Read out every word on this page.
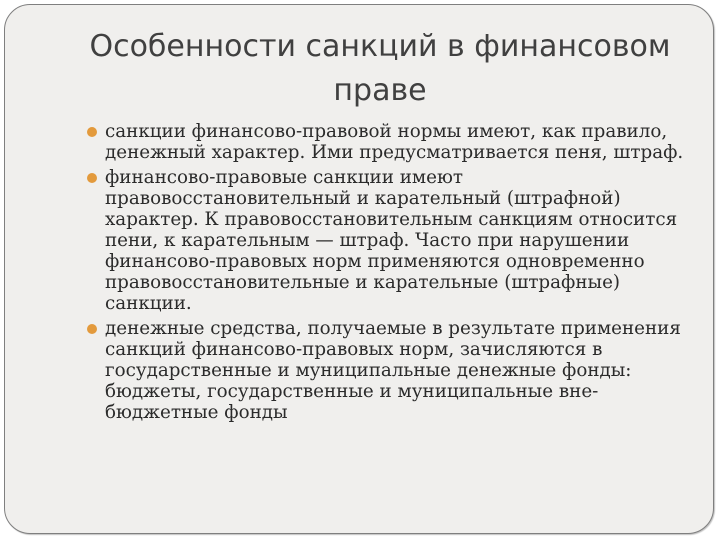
Особенности санкций в финансовом праве
санкции финансово-правовой нормы имеют, как правило, денежный характер. Ими предусматривается пеня, штраф.
финансово-правовые санкции имеют правовосстановительный и карательный (штрафной) характер. К правовосстановительным санкциям относится пени, к карательным — штраф. Часто при нарушении финансово-правовых норм применяются одновременно правовосстановительные и карательные (штрафные) санкции.
денежные средства, получаемые в результате применения санкций финансово-правовых норм, зачисляются в государственные и муниципальные денежные фонды: бюджеты, государственные и муниципальные вне-бюджетные фонды
